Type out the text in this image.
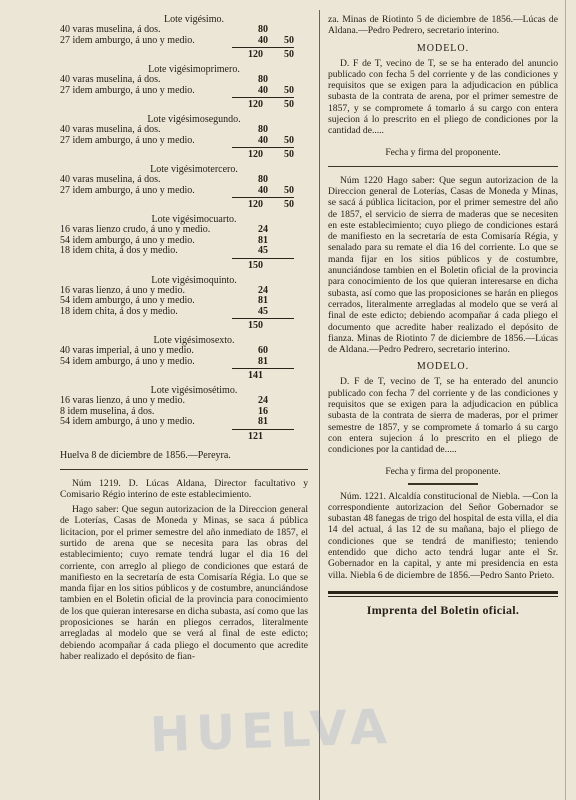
HUELVA
Lote vigésimo.
40 varas muselina, á dos.	80
27 idem amburgo, á uno y medio.	40	50
120	50
Lote vigésimoprimero.
40 varas muselina, á dos.	80
27 idem amburgo, á uno y medio.	40	50
120	50
Lote vigésimosegundo.
40 varas muselina, á dos.	80
27 idem amburgo, á uno y medio.	40	50
120	50
Lote vigésimotercero.
40 varas muselina, á dos.	80
27 idem amburgo, á uno y medio.	40	50
120	50
Lote vigésimocuarto.
16 varas lienzo crudo, á uno y medio.	24
54 idem amburgo, á uno y medio.	81
18 idem chita, á dos y medio.	45
150
Lote vigésimoquinto.
16 varas lienzo, á uno y medio.	24
54 idem amburgo, á uno y medio.	81
18 idem chita, á dos y medio.	45
150
Lote vigésimosexto.
40 varas imperial, á uno y medio.	60
54 idem amburgo, á uno y medio.	81
141
Lote vigésimosétimo.
16 varas lienzo, á uno y medio.	24
8 idem muselina, á dos.	16
54 idem amburgo, á uno y medio.	81
121
Huelva 8 de diciembre de 1856.—Pereyra.

Núm 1219. D. Lúcas Aldana, Director facultativo y Comisario Régio interino de este establecimiento.

Hago saber: Que segun autorizacion de la Direccion general de Loterías, Casas de Moneda y Minas, se saca á pública licitacion, por el primer semestre del año inmediato de 1857, el surtido de arena que se necesita para las obras del establecimiento; cuyo remate tendrá lugar el dia 16 del corriente, con arreglo al pliego de condiciones que estará de manifiesto en la secretaría de esta Comisaría Régia. Lo que se manda fijar en los sitios públicos y de costumbre, anunciándose tambien en el Boletin oficial de la provincia para conocimiento de los que quieran interesarse en dicha subasta, así como que las proposiciones se harán en pliegos cerrados, literalmente arregladas al modelo que se verá al final de este edicto; debiendo acompañar á cada pliego el documento que acredite haber realizado el depósito de fian-

za. Minas de Riotinto 5 de diciembre de 1856.—Lúcas de Aldana.—Pedro Pedrero, secretario interino.

MODELO.

D. F de T, vecino de T, se se ha enterado del anuncio publicado con fecha 5 del corriente y de las condiciones y requisitos que se exigen para la adjudicacion en pública subasta de la contrata de arena, por el primer semestre de 1857, y se compromete á tomarlo á su cargo con entera sujecion á lo prescrito en el pliego de condiciones por la cantidad de.....

Fecha y firma del proponente.

Núm 1220 Hago saber: Que segun autorizacion de la Direccion general de Loterías, Casas de Moneda y Minas, se sacá á pública licitacion, por el primer semestre del año de 1857, el servicio de sierra de maderas que se necesiten en este establecimiento; cuyo pliego de condiciones estará de manifiesto en la secretaría de esta Comisaría Régia, y senalado para su remate el dia 16 del corriente. Lo que se manda fijar en los sitios públicos y de costumbre, anunciándose tambien en el Boletin oficial de la provincia para conocimiento de los que quieran interesarse en dicha subasta, así como que las proposiciones se harán en pliegos cerrados, literalmente arregladas al modelo que se verá al final de este edicto; debiendo acompañar á cada pliego el documento que acredite haber realizado el depósito de fianza. Minas de Riotinto 7 de diciembre de 1856.—Lúcas de Aldana.—Pedro Pedrero, secretario interino.

MODELO.

D. F de T, vecino de T, se ha enterado del anuncio publicado con fecha 7 del corriente y de las condiciones y requisitos que se exigen para la adjudicacion en pública subasta de la contrata de sierra de maderas, por el primer semestre de 1857, y se compromete á tomarlo á su cargo con entera sujecion á lo prescrito en el pliego de condiciones por la cantidad de.....

Fecha y firma del proponente.

Núm. 1221. Alcaldía constitucional de Niebla. —Con la correspondiente autorizacion del Señor Gobernador se subastan 48 fanegas de trigo del hospital de esta villa, el dia 14 del actual, á las 12 de su mañana, bajo el pliego de condiciones que se tendrá de manifiesto; teniendo entendido que dicho acto tendrá lugar ante el Sr. Gobernador en la capital, y ante mi presidencia en esta villa. Niebla 6 de diciembre de 1856.—Pedro Santo Prieto.

Imprenta del Boletin oficial.
